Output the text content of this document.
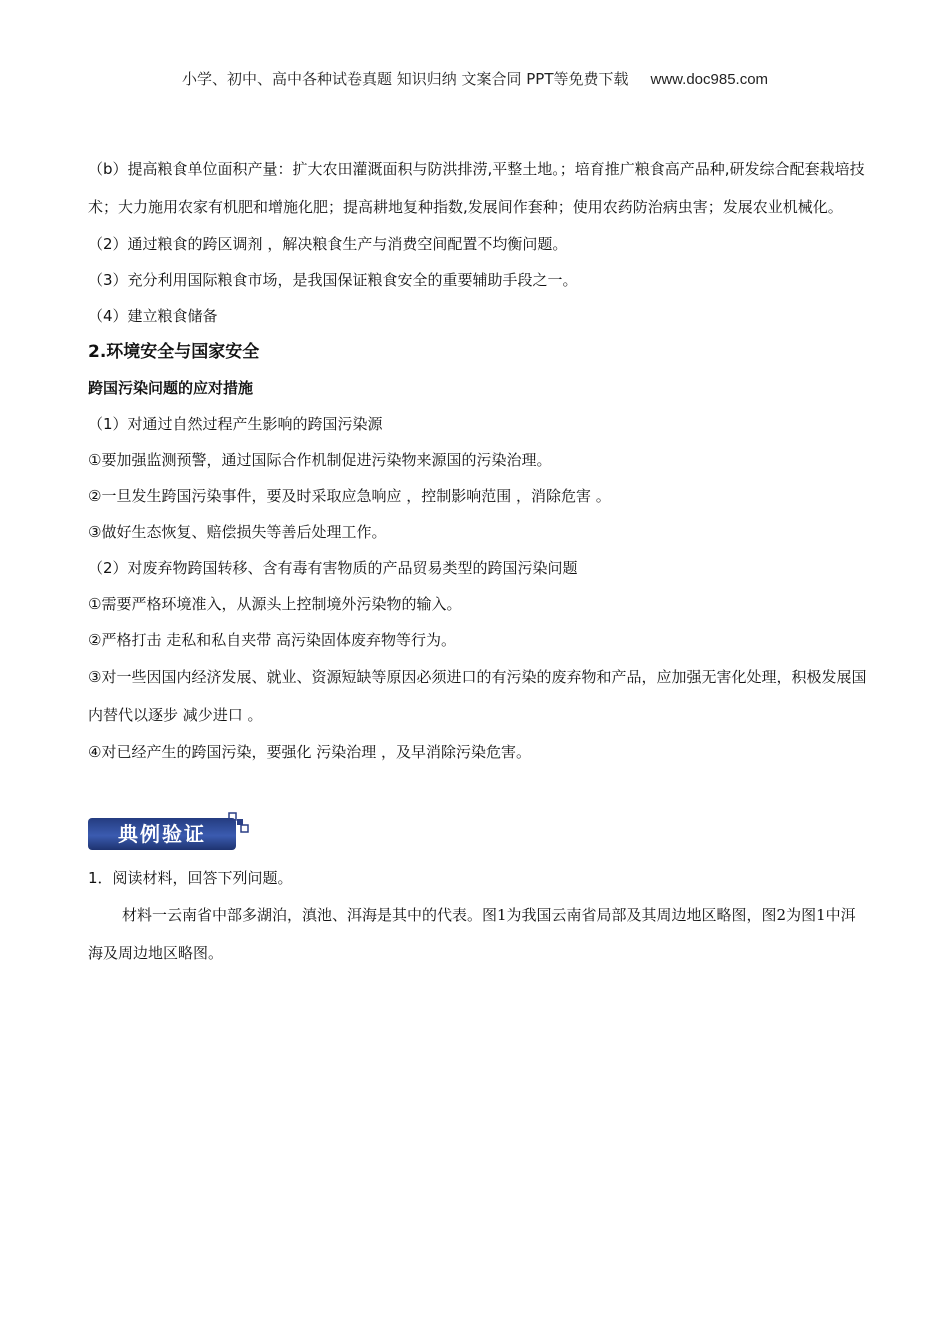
小学、初中、高中各种试卷真题 知识归纳 文案合同 PPT等免费下载 www.doc985.com

（b）提高粮食单位面积产量：扩大农田灌溉面积与防洪排涝,平整土地。；培育推广粮食高产品种,研发综合配套栽培技术；大力施用农家有机肥和增施化肥；提高耕地复种指数,发展间作套种；使用农药防治病虫害；发展农业机械化。

（2）通过粮食的跨区调剂 ，解决粮食生产与消费空间配置不均衡问题。

（3）充分利用国际粮食市场，是我国保证粮食安全的重要辅助手段之一。

（4）建立粮食储备

2.环境安全与国家安全
跨国污染问题的应对措施

（1）对通过自然过程产生影响的跨国污染源

①要加强监测预警，通过国际合作机制促进污染物来源国的污染治理。

②一旦发生跨国污染事件，要及时采取应急响应 ，控制影响范围 ，消除危害 。

③做好生态恢复、赔偿损失等善后处理工作。

（2）对废弃物跨国转移、含有毒有害物质的产品贸易类型的跨国污染问题

①需要严格环境准入，从源头上控制境外污染物的输入。

②严格打击 走私和私自夹带 高污染固体废弃物等行为。

③对一些因国内经济发展、就业、资源短缺等原因必须进口的有污染的废弃物和产品，应加强无害化处理，积极发展国内替代以逐步 减少进口 。

④对已经产生的跨国污染，要强化 污染治理 ，及早消除污染危害。

典例验证

1．阅读材料，回答下列问题。

材料一云南省中部多湖泊，滇池、洱海是其中的代表。图1为我国云南省局部及其周边地区略图，图2为图1中洱海及周边地区略图。
